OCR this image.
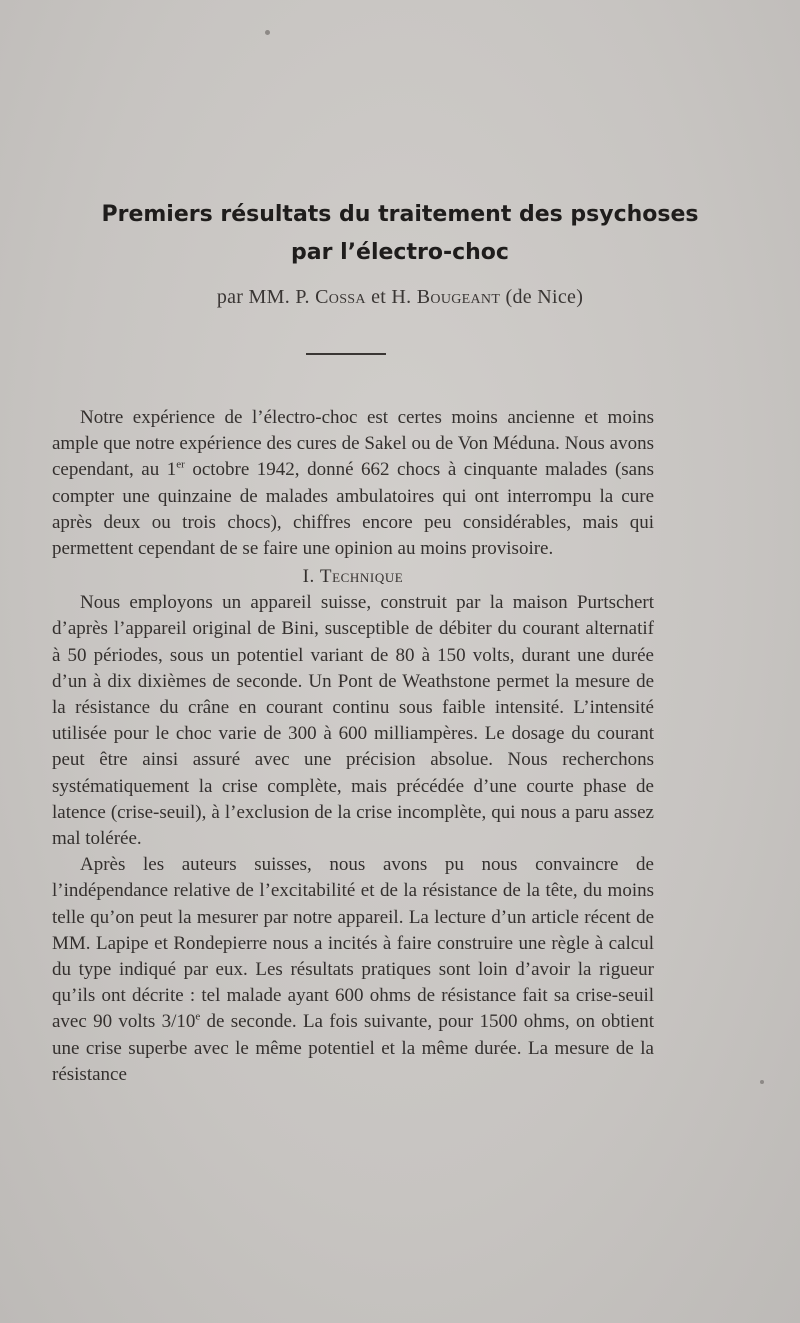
Premiers résultats du traitement des psychoses
par l’électro-choc
par MM. P. Cossa et H. Bougeant (de Nice)

Notre expérience de l’électro-choc est certes moins ancienne et moins ample que notre expérience des cures de Sakel ou de Von Méduna. Nous avons cependant, au 1er octobre 1942, donné 662 chocs à cinquante malades (sans compter une quinzaine de malades ambulatoires qui ont interrompu la cure après deux ou trois chocs), chiffres encore peu considérables, mais qui permettent cependant de se faire une opinion au moins provisoire.

I. Technique

Nous employons un appareil suisse, construit par la maison Purtschert d’après l’appareil original de Bini, susceptible de débiter du courant alternatif à 50 périodes, sous un potentiel variant de 80 à 150 volts, durant une durée d’un à dix dixièmes de seconde. Un Pont de Weathstone permet la mesure de la résistance du crâne en courant continu sous faible intensité. L’intensité utilisée pour le choc varie de 300 à 600 milliampères. Le dosage du courant peut être ainsi assuré avec une précision absolue. Nous recherchons systématiquement la crise complète, mais précédée d’une courte phase de latence (crise-seuil), à l’exclusion de la crise incomplète, qui nous a paru assez mal tolérée.

Après les auteurs suisses, nous avons pu nous convaincre de l’indépendance relative de l’excitabilité et de la résistance de la tête, du moins telle qu’on peut la mesurer par notre appareil. La lecture d’un article récent de MM. Lapipe et Rondepierre nous a incités à faire construire une règle à calcul du type indiqué par eux. Les résultats pratiques sont loin d’avoir la rigueur qu’ils ont décrite : tel malade ayant 600 ohms de résistance fait sa crise-seuil avec 90 volts 3/10e de seconde. La fois suivante, pour 1500 ohms, on obtient une crise superbe avec le même potentiel et la même durée. La mesure de la résistance
